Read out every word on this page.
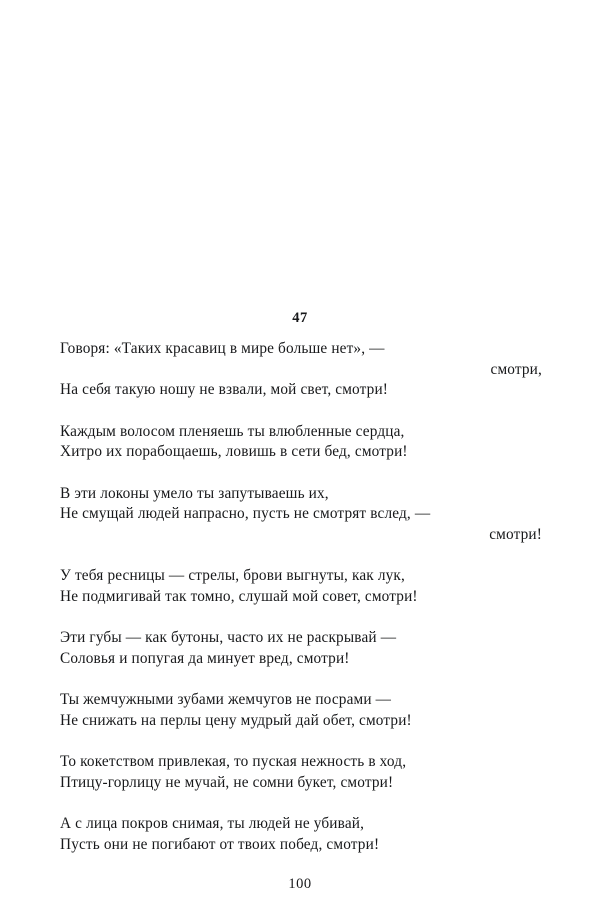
47
Говоря: «Таких красавиц в мире больше нет», —
смотри,
На себя такую ношу не взвали, мой свет, смотри!
Каждым волосом пленяешь ты влюбленные сердца,
Хитро их порабощаешь, ловишь в сети бед, смотри!
В эти локоны умело ты запутываешь их,
Не смущай людей напрасно, пусть не смотрят вслед, —
смотри!
У тебя ресницы — стрелы, брови выгнуты, как лук,
Не подмигивай так томно, слушай мой совет, смотри!
Эти губы — как бутоны, часто их не раскрывай —
Соловья и попугая да минует вред, смотри!
Ты жемчужными зубами жемчугов не посрами —
Не снижать на перлы цену мудрый дай обет, смотри!
То кокетством привлекая, то пуская нежность в ход,
Птицу-горлицу не мучай, не сомни букет, смотри!
А с лица покров снимая, ты людей не убивай,
Пусть они не погибают от твоих побед, смотри!
100
